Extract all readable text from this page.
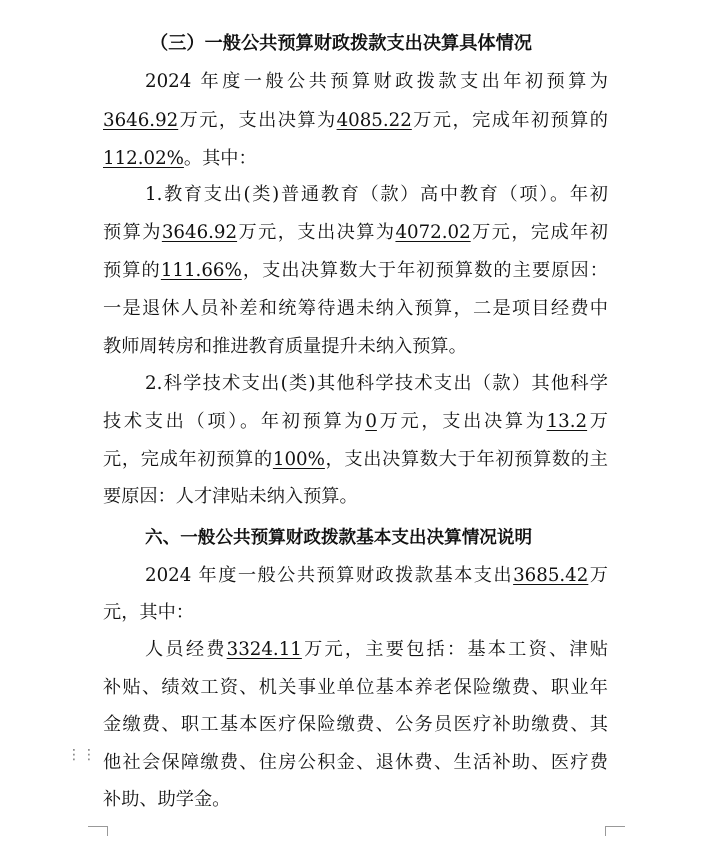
（三）一般公共预算财政拨款支出决算具体情况
2024 年度一般公共预算财政拨款支出年初预算为
3646.92万元，支出决算为4085.22万元，完成年初预算的
112.02%。其中：
1.教育支出(类)普通教育（款）高中教育（项）。年初
预算为3646.92万元，支出决算为4072.02万元，完成年初
预算的111.66%，支出决算数大于年初预算数的主要原因：
一是退休人员补差和统筹待遇未纳入预算，二是项目经费中
教师周转房和推进教育质量提升未纳入预算。
2.科学技术支出(类)其他科学技术支出（款）其他科学
技术支出（项）。年初预算为0万元，支出决算为13.2万
元，完成年初预算的100%，支出决算数大于年初预算数的主
要原因：人才津贴未纳入预算。
六、一般公共预算财政拨款基本支出决算情况说明
2024 年度一般公共预算财政拨款基本支出3685.42万
元，其中：
人员经费3324.11万元，主要包括：基本工资、津贴
补贴、绩效工资、机关事业单位基本养老保险缴费、职业年
金缴费、职工基本医疗保险缴费、公务员医疗补助缴费、其
他社会保障缴费、住房公积金、退休费、生活补助、医疗费
补助、助学金。
⋮⋮
